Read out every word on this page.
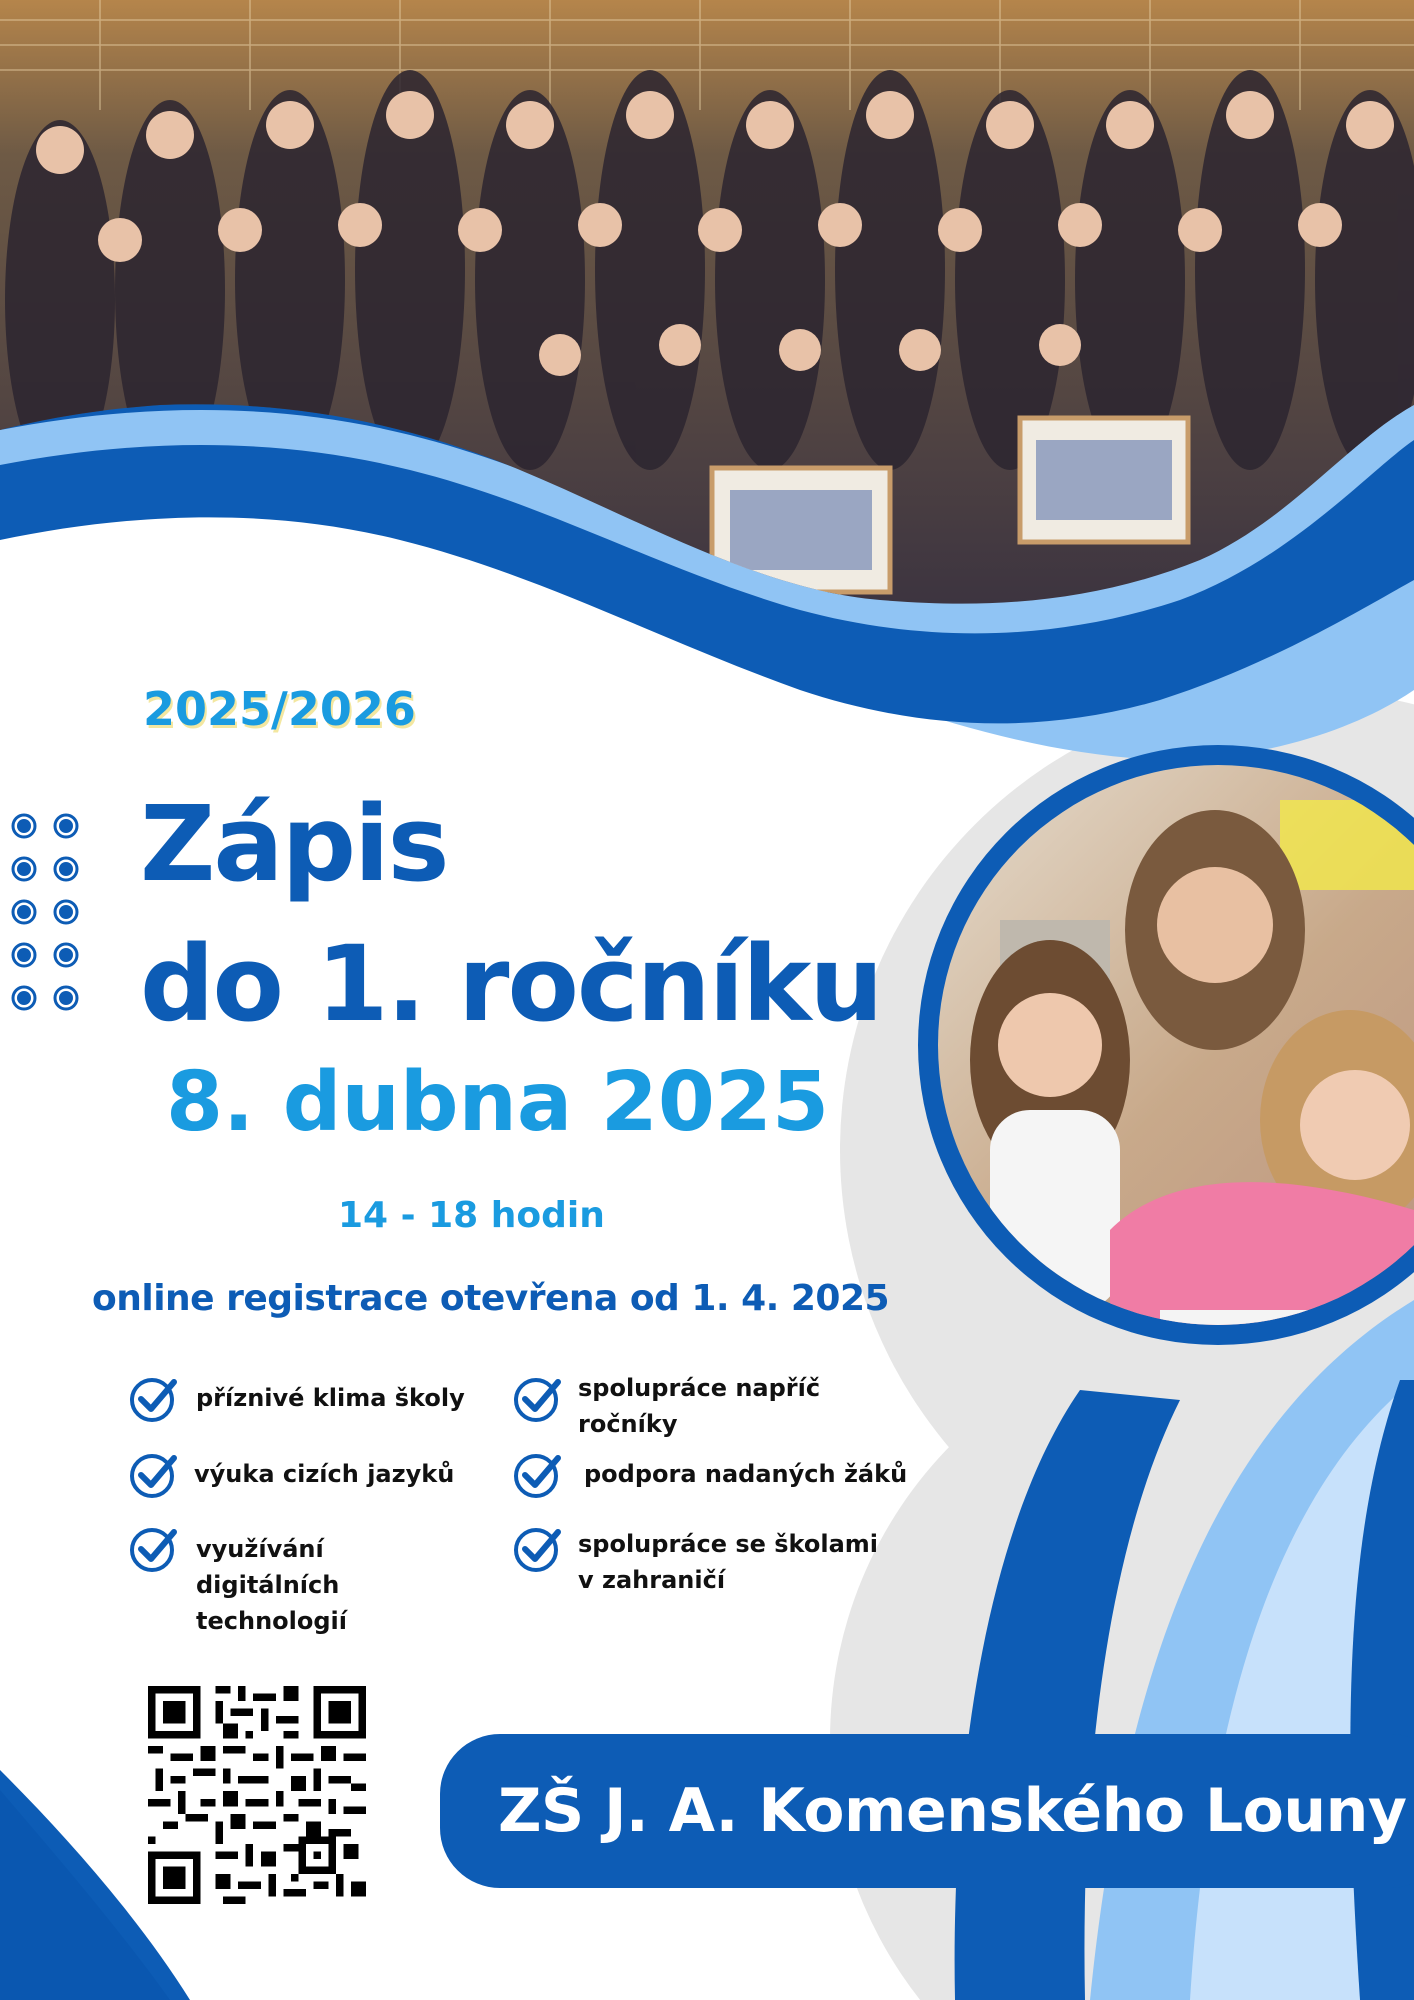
2025/2026
Zápis
do 1. ročníku
8. dubna 2025
14 - 18 hodin
online registrace otevřena od 1. 4. 2025
příznivé klima školy
výuka cizích jazyků
využívání digitálních technologií
spolupráce napříč ročníky
podpora nadaných žáků
spolupráce se školami v zahraničí
ZŠ J. A. Komenského Louny
